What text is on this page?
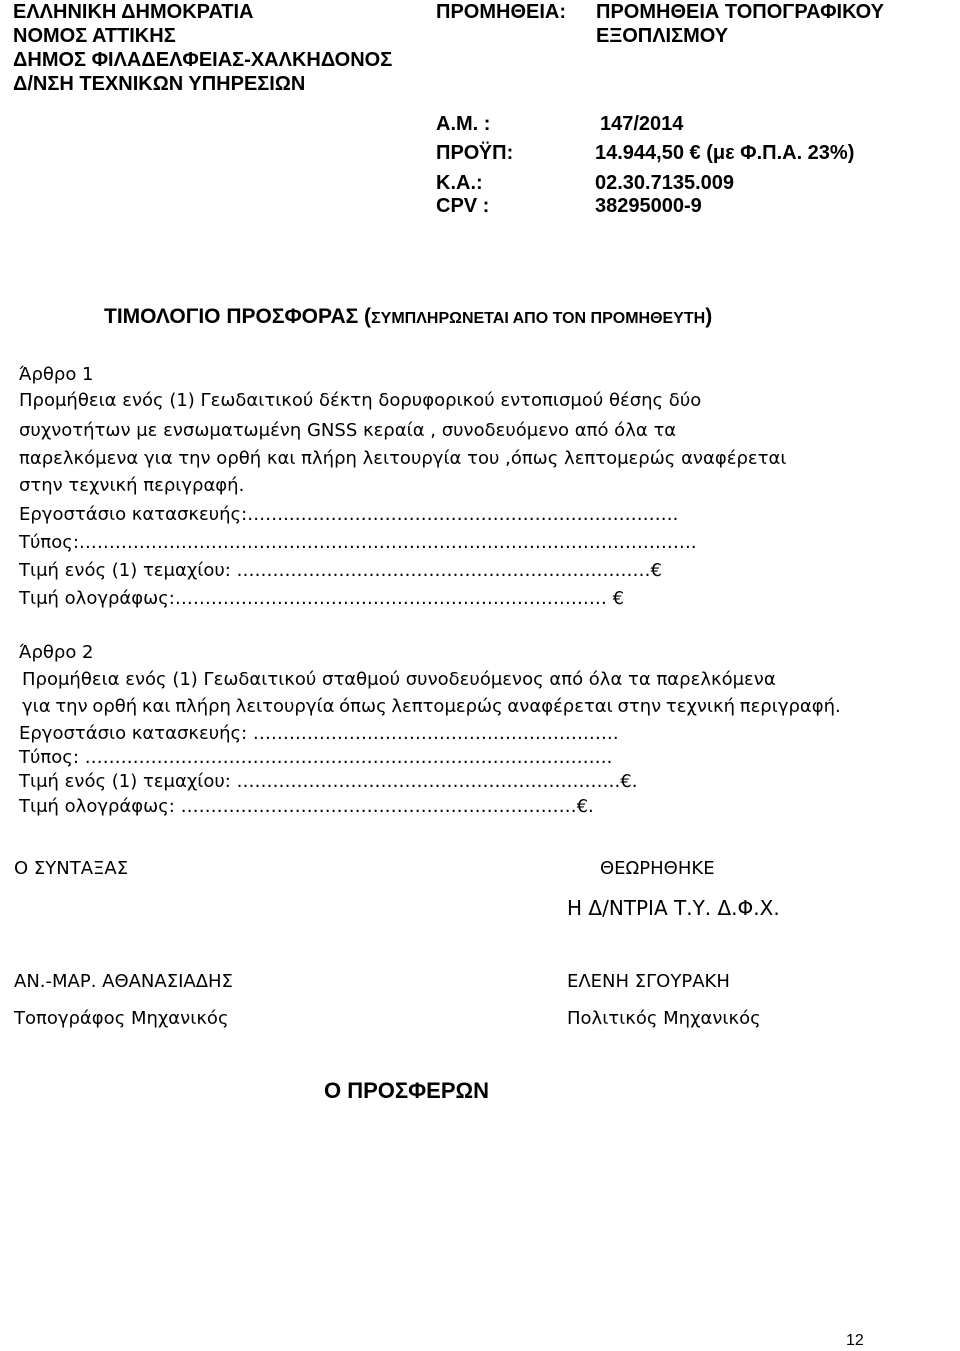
ΕΛΛΗΝΙΚΗ ΔΗΜΟΚΡΑΤΙΑ
ΝΟΜΟΣ ΑΤΤΙΚΗΣ
ΔΗΜΟΣ ΦΙΛΑΔΕΛΦΕΙΑΣ-ΧΑΛΚΗΔΟΝΟΣ
Δ/ΝΣΗ ΤΕΧΝΙΚΩΝ ΥΠΗΡΕΣΙΩΝ
ΠΡΟΜΗΘΕΙΑ: ΠΡΟΜΗΘΕΙΑ ΤΟΠΟΓΡΑΦΙΚΟΥ
ΕΞΟΠΛΙΣΜΟΥ
Α.Μ. :	147/2014
ΠΡΟΫΠ:	14.944,50 € (με Φ.Π.Α. 23%)
Κ.Α.:	02.30.7135.009
CPV :	38295000-9
ΤΙΜΟΛΟΓΙΟ ΠΡΟΣΦΟΡΑΣ (ΣΥΜΠΛΗΡΩΝΕΤΑΙ ΑΠΟ ΤΟΝ ΠΡΟΜΗΘΕΥΤΗ)
Άρθρο 1
Προμήθεια ενός (1) Γεωδαιτικού δέκτη δορυφορικού εντοπισμού θέσης δύο
συχνοτήτων με ενσωματωμένη GNSS κεραία , συνοδευόμενο από όλα τα
παρελκόμενα για την ορθή και πλήρη λειτουργία του ,όπως λεπτομερώς αναφέρεται
στην τεχνική περιγραφή.
Εργοστάσιο κατασκευής:……..……………………………………………………….
Τύπος:………………………………………………………………………………………….
Τιμή ενός (1) τεμαχίου: ……………………………………………………………€
Τιμή ολογράφως:……………………………………………………………… €
Άρθρο 2
Προμήθεια ενός (1) Γεωδαιτικού σταθμού συνοδευόμενος από όλα τα παρελκόμενα
για την ορθή και πλήρη λειτουργία όπως λεπτομερώς αναφέρεται στην τεχνική περιγραφή.
Εργοστάσιο κατασκευής: …………………………………………………….
Τύπος: …………………………………………………………………………….
Τιμή ενός (1) τεμαχίου: ……………………………………………………….€.
Τιμή ολογράφως: …………………………………………………………€.
Ο ΣΥΝΤΑΞΑΣ	ΘΕΩΡΗΘΗΚΕ
Η Δ/ΝΤΡΙΑ Τ.Υ. Δ.Φ.Χ.
ΑΝ.-ΜΑΡ. ΑΘΑΝΑΣΙΑΔΗΣ
Τοπογράφος Μηχανικός
ΕΛΕΝΗ ΣΓΟΥΡΑΚΗ
Πολιτικός Μηχανικός
Ο ΠΡΟΣΦΕΡΩΝ
12
